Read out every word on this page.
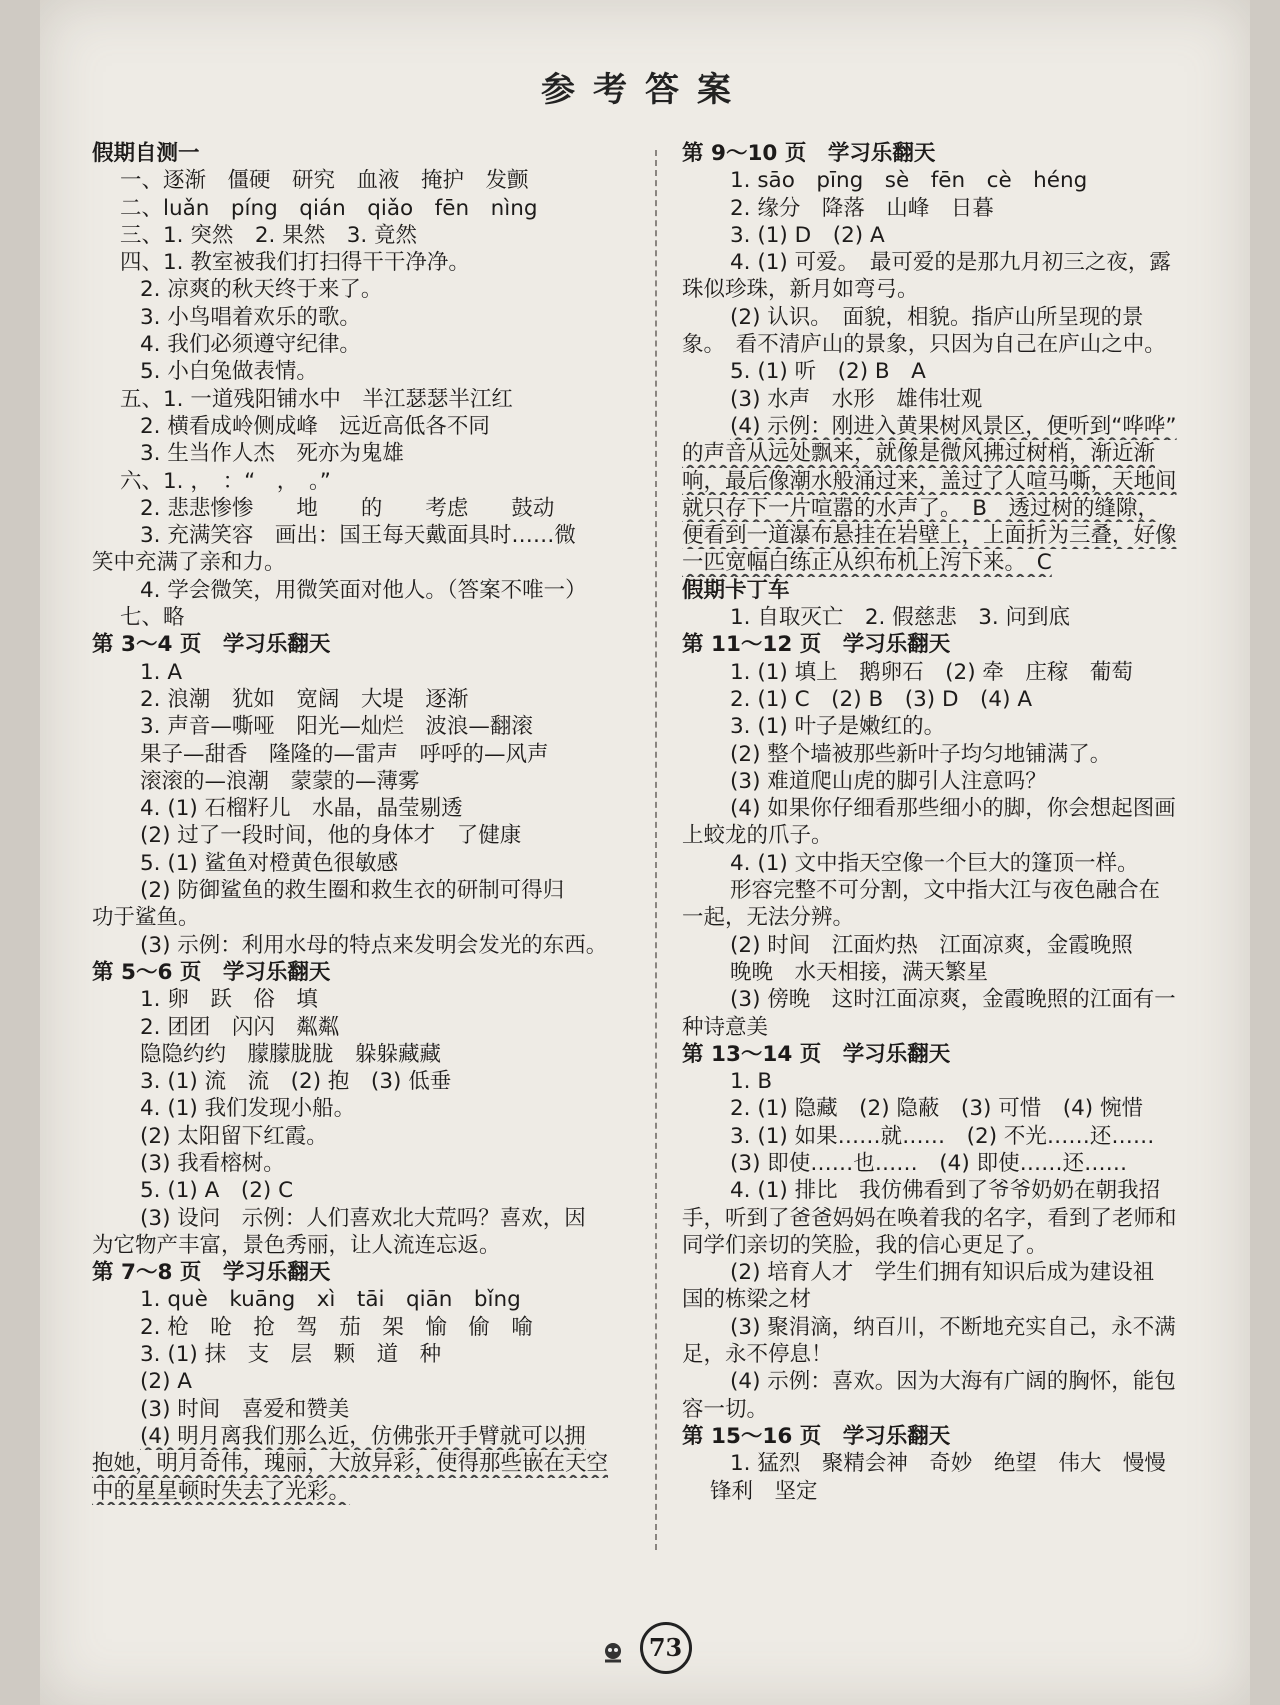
参考答案
假期自测一
一、逐渐　僵硬　研究　血液　掩护　发颤
二、luǎn　píng　qián　qiǎo　fēn　nìng
三、1. 突然　2. 果然　3. 竟然
四、1. 教室被我们打扫得干干净净。
2. 凉爽的秋天终于来了。
3. 小鸟唱着欢乐的歌。
4. 我们必须遵守纪律。
5. 小白兔做表情。
五、1. 一道残阳铺水中　半江瑟瑟半江红
2. 横看成岭侧成峰　远近高低各不同
3. 生当作人杰　死亦为鬼雄
六、1. ，　：“　，　。”
2. 悲悲惨惨　　地　　的　　考虑　　鼓动
3. 充满笑容　画出：国王每天戴面具时……微
笑中充满了亲和力。
4. 学会微笑，用微笑面对他人。（答案不唯一）
七、略
第 3～4 页　学习乐翻天
1. A
2. 浪潮　犹如　宽阔　大堤　逐渐
3. 声音—嘶哑　阳光—灿烂　波浪—翻滚
果子—甜香　隆隆的—雷声　呼呼的—风声
滚滚的—浪潮　蒙蒙的—薄雾
4. (1) 石榴籽儿　水晶，晶莹剔透
(2) 过了一段时间，他的身体才　了健康
5. (1) 鲨鱼对橙黄色很敏感
(2) 防御鲨鱼的救生圈和救生衣的研制可得归
功于鲨鱼。
(3) 示例：利用水母的特点来发明会发光的东西。
第 5～6 页　学习乐翻天
1. 卵　跃　俗　填
2. 团团　闪闪　粼粼
隐隐约约　朦朦胧胧　躲躲藏藏
3. (1) 流　流　(2) 抱　(3) 低垂
4. (1) 我们发现小船。
(2) 太阳留下红霞。
(3) 我看榕树。
5. (1) A　(2) C
(3) 设问　示例：人们喜欢北大荒吗？喜欢，因
为它物产丰富，景色秀丽，让人流连忘返。
第 7～8 页　学习乐翻天
1. què　kuāng　xì　tāi　qiān　bǐng
2. 枪　呛　抢　驾　茄　架　愉　偷　喻
3. (1) 抹　支　层　颗　道　种
(2) A
(3) 时间　喜爱和赞美
(4) 明月离我们那么近，仿佛张开手臂就可以拥
抱她，明月奇伟，瑰丽，大放异彩，使得那些嵌在天空
中的星星顿时失去了光彩。
第 9～10 页　学习乐翻天
1. sāo　pīng　sè　fēn　cè　héng
2. 缘分　降落　山峰　日暮
3. (1) D　(2) A
4. (1) 可爱。　最可爱的是那九月初三之夜，露
珠似珍珠，新月如弯弓。
(2) 认识。　面貌，相貌。指庐山所呈现的景
象。　看不清庐山的景象，只因为自己在庐山之中。
5. (1) 听　(2) B　A
(3) 水声　水形　雄伟壮观
(4) 示例：刚进入黄果树风景区，便听到“哗哗”
的声音从远处飘来，就像是微风拂过树梢，渐近渐
响，最后像潮水般涌过来，盖过了人喧马嘶，天地间
就只存下一片喧嚣的水声了。　B　透过树的缝隙，
便看到一道瀑布悬挂在岩壁上，上面折为三叠，好像
一匹宽幅白练正从织布机上泻下来。　C
假期卡丁车
1. 自取灭亡　2. 假慈悲　3. 问到底
第 11～12 页　学习乐翻天
1. (1) 填上　鹅卵石　(2) 牵　庄稼　葡萄
2. (1) C　(2) B　(3) D　(4) A
3. (1) 叶子是嫩红的。
(2) 整个墙被那些新叶子均匀地铺满了。
(3) 难道爬山虎的脚引人注意吗？
(4) 如果你仔细看那些细小的脚，你会想起图画
上蛟龙的爪子。
4. (1) 文中指天空像一个巨大的篷顶一样。
形容完整不可分割，文中指大江与夜色融合在
一起，无法分辨。
(2) 时间　江面灼热　江面凉爽，金霞晚照
晚晚　水天相接，满天繁星
(3) 傍晚　这时江面凉爽，金霞晚照的江面有一
种诗意美
第 13～14 页　学习乐翻天
1. B
2. (1) 隐藏　(2) 隐蔽　(3) 可惜　(4) 惋惜
3. (1) 如果……就……　(2) 不光……还……
(3) 即使……也……　(4) 即使……还……
4. (1) 排比　我仿佛看到了爷爷奶奶在朝我招
手，听到了爸爸妈妈在唤着我的名字，看到了老师和
同学们亲切的笑脸，我的信心更足了。
(2) 培育人才　学生们拥有知识后成为建设祖
国的栋梁之材
(3) 聚涓滴，纳百川，不断地充实自己，永不满
足，永不停息！
(4) 示例：喜欢。因为大海有广阔的胸怀，能包
容一切。
第 15～16 页　学习乐翻天
1. 猛烈　聚精会神　奇妙　绝望　伟大　慢慢
锋利　坚定
73
